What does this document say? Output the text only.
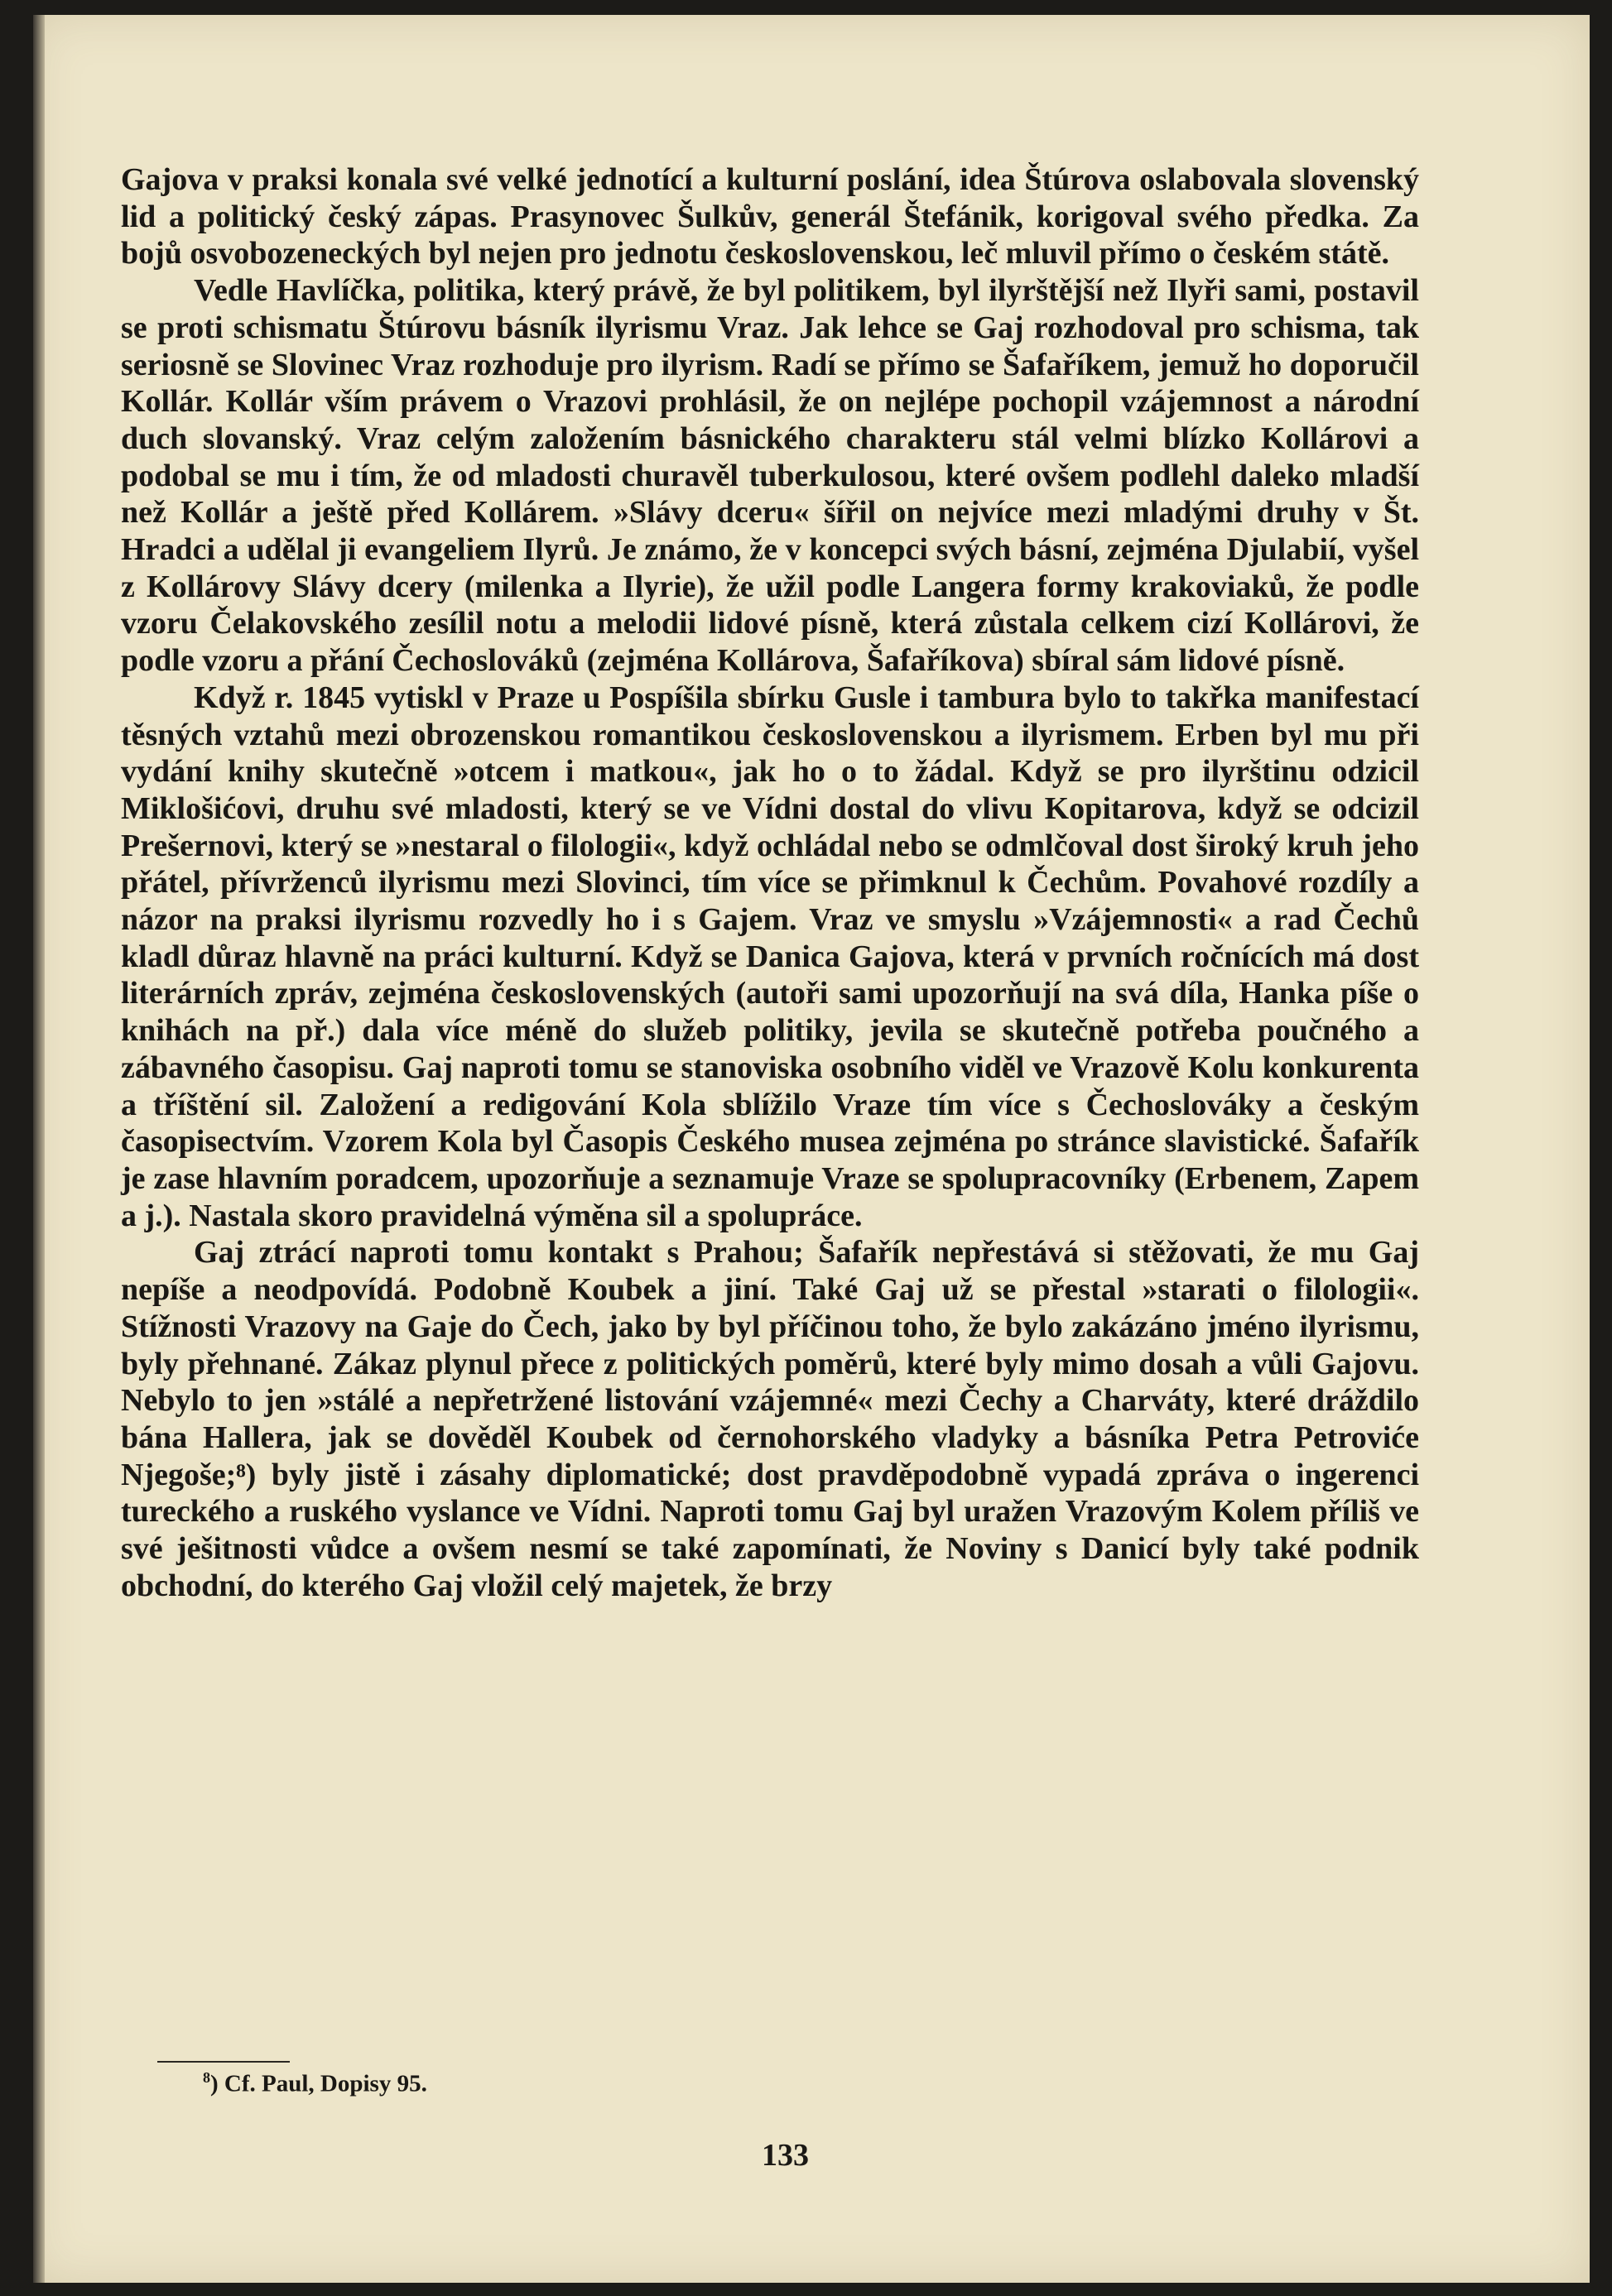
Gajova v praksi konala své velké jednotící a kulturní poslání, idea Štúrova oslabovala slovenský lid a politický český zápas. Prasynovec Šulkův, generál Štefánik, korigoval svého předka. Za bojů osvobozeneckých byl nejen pro jednotu československou, leč mluvil přímo o českém státě.

Vedle Havlíčka, politika, který právě, že byl politikem, byl ilyrštější než Ilyři sami, postavil se proti schismatu Štúrovu básník ilyrismu Vraz. Jak lehce se Gaj rozhodoval pro schisma, tak seriosně se Slovinec Vraz rozhoduje pro ilyrism. Radí se přímo se Šafaříkem, jemuž ho doporučil Kollár. Kollár vším právem o Vrazovi prohlásil, že on nejlépe pochopil vzájemnost a národní duch slovanský. Vraz celým založením básnického charakteru stál velmi blízko Kollárovi a podobal se mu i tím, že od mladosti churavěl tuberkulosou, které ovšem podlehl daleko mladší než Kollár a ještě před Kollárem. »Slávy dceru« šířil on nejvíce mezi mladými druhy v Št. Hradci a udělal ji evangeliem Ilyrů. Je známo, že v koncepci svých básní, zejména Djulabií, vyšel z Kollárovy Slávy dcery (milenka a Ilyrie), že užil podle Langera formy krakoviaků, že podle vzoru Čelakovského zesílil notu a melodii lidové písně, která zůstala celkem cizí Kollárovi, že podle vzoru a přání Čechoslováků (zejména Kollárova, Šafaříkova) sbíral sám lidové písně.

Když r. 1845 vytiskl v Praze u Pospíšila sbírku Gusle i tambura bylo to takřka manifestací těsných vztahů mezi obrozenskou romantikou československou a ilyrismem. Erben byl mu při vydání knihy skutečně »otcem i matkou«, jak ho o to žádal. Když se pro ilyrštinu odzicil Miklošićovi, druhu své mladosti, který se ve Vídni dostal do vlivu Kopitarova, když se odcizil Prešernovi, který se »nestaral o filologii«, když ochládal nebo se odmlčoval dost široký kruh jeho přátel, přívrženců ilyrismu mezi Slovinci, tím více se přimknul k Čechům. Povahové rozdíly a názor na praksi ilyrismu rozvedly ho i s Gajem. Vraz ve smyslu »Vzájemnosti« a rad Čechů kladl důraz hlavně na práci kulturní. Když se Danica Gajova, která v prvních ročnících má dost literárních zpráv, zejména československých (autoři sami upozorňují na svá díla, Hanka píše o knihách na př.) dala více méně do služeb politiky, jevila se skutečně potřeba poučného a zábavného časopisu. Gaj naproti tomu se stanoviska osobního viděl ve Vrazově Kolu konkurenta a tříštění sil. Založení a redigování Kola sblížilo Vraze tím více s Čechoslováky a českým časopisectvím. Vzorem Kola byl Časopis Českého musea zejména po stránce slavistické. Šafařík je zase hlavním poradcem, upozorňuje a seznamuje Vraze se spolupracovníky (Erbenem, Zapem a j.). Nastala skoro pravidelná výměna sil a spolupráce.

Gaj ztrácí naproti tomu kontakt s Prahou; Šafařík nepřestává si stěžovati, že mu Gaj nepíše a neodpovídá. Podobně Koubek a jiní. Také Gaj už se přestal »starati o filologii«. Stížnosti Vrazovy na Gaje do Čech, jako by byl příčinou toho, že bylo zakázáno jméno ilyrismu, byly přehnané. Zákaz plynul přece z politických poměrů, které byly mimo dosah a vůli Gajovu. Nebylo to jen »stálé a nepřetržené listování vzájemné« mezi Čechy a Charváty, které dráždilo bána Hallera, jak se dověděl Koubek od černohorského vladyky a básníka Petra Petroviće Njegoše;⁸) byly jistě i zásahy diplomatické; dost pravděpodobně vypadá zpráva o ingerenci tureckého a ruského vyslance ve Vídni. Naproti tomu Gaj byl uražen Vrazovým Kolem příliš ve své ješitnosti vůdce a ovšem nesmí se také zapomínati, že Noviny s Danicí byly také podnik obchodní, do kterého Gaj vložil celý majetek, že brzy

$^8$) Cf. Paul, Dopisy 95.
133
